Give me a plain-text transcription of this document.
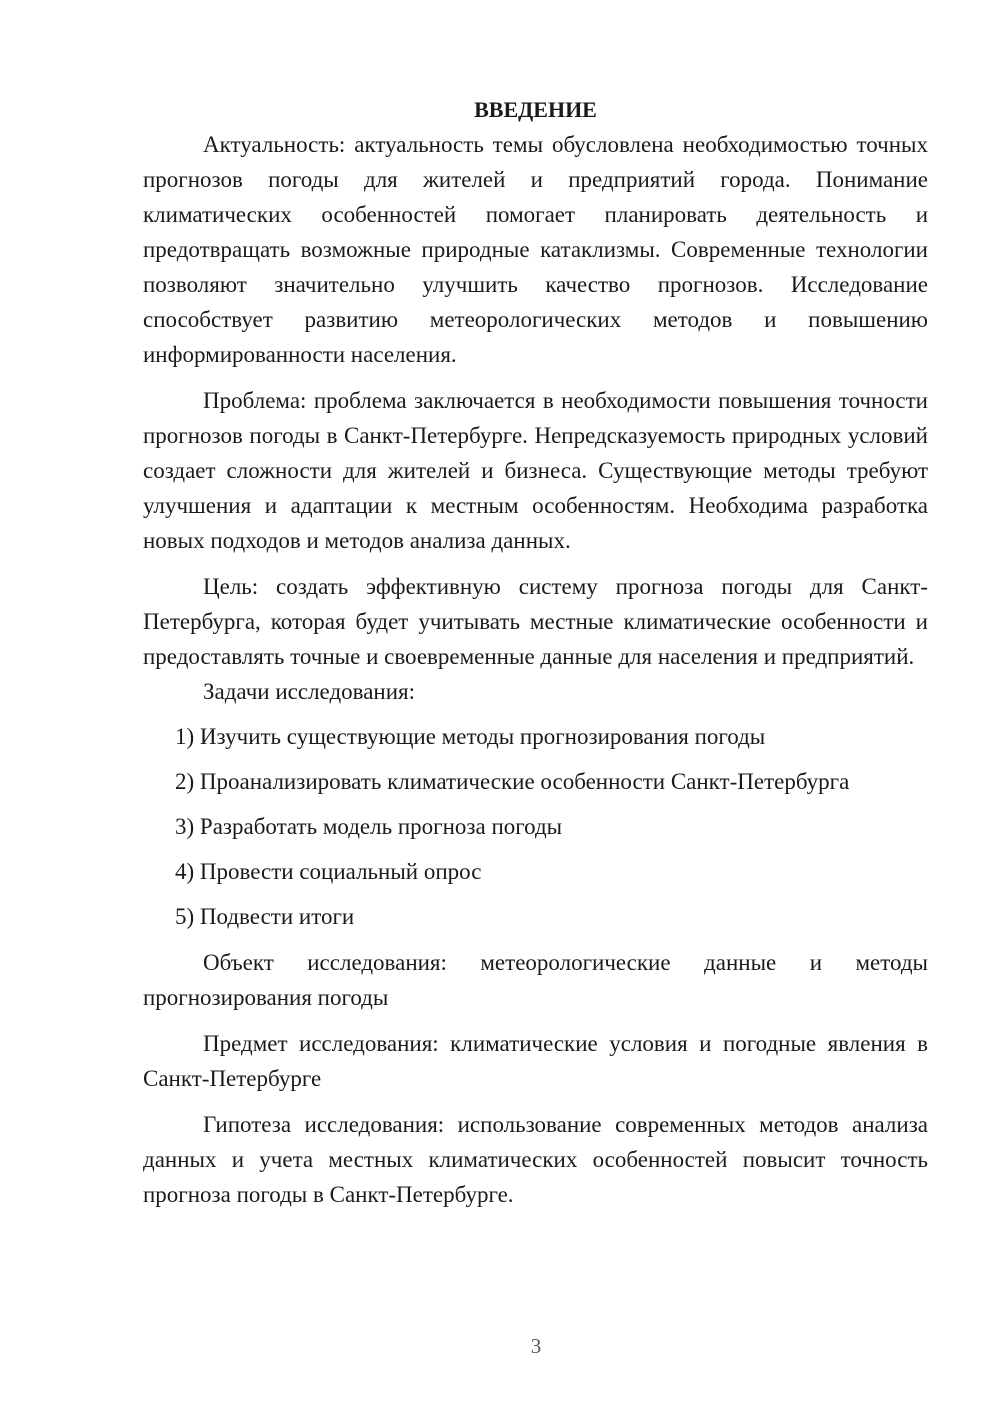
ВВЕДЕНИЕ

Актуальность: актуальность темы обусловлена необходимостью точных прогнозов погоды для жителей и предприятий города. Понимание климатических особенностей помогает планировать деятельность и предотвращать возможные природные катаклизмы. Современные технологии позволяют значительно улучшить качество прогнозов. Исследование способствует развитию метеорологических методов и повышению информированности населения.

Проблема: проблема заключается в необходимости повышения точности прогнозов погоды в Санкт-Петербурге. Непредсказуемость природных условий создает сложности для жителей и бизнеса. Существующие методы требуют улучшения и адаптации к местным особенностям. Необходима разработка новых подходов и методов анализа данных.

Цель: создать эффективную систему прогноза погоды для Санкт-Петербурга, которая будет учитывать местные климатические особенности и предоставлять точные и своевременные данные для населения и предприятий.

Задачи исследования:

1) Изучить существующие методы прогнозирования погоды
2) Проанализировать климатические особенности Санкт-Петербурга
3) Разработать модель прогноза погоды
4) Провести социальный опрос
5) Подвести итоги

Объект исследования: метеорологические данные и методы прогнозирования погоды

Предмет исследования: климатические условия и погодные явления в Санкт-Петербурге

Гипотеза исследования: использование современных методов анализа данных и учета местных климатических особенностей повысит точность прогноза погоды в Санкт-Петербурге.

3
